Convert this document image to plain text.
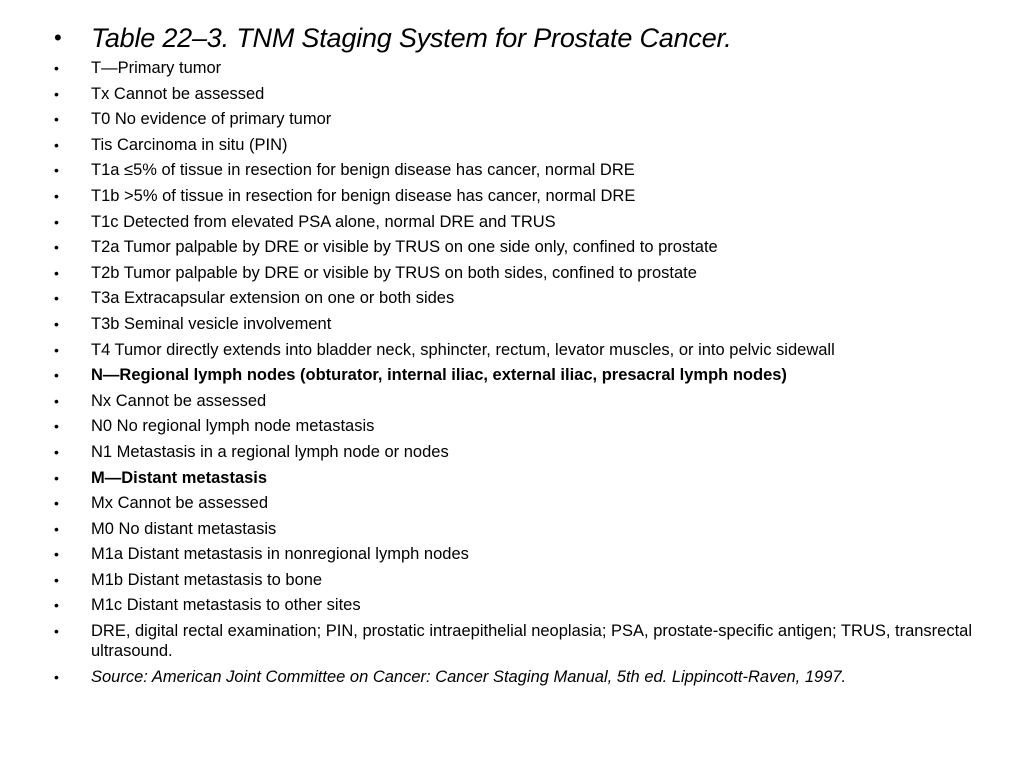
•	Table 22–3. TNM Staging System for Prostate Cancer.
•	T—Primary tumor
•	Tx Cannot be assessed
•	T0 No evidence of primary tumor
•	Tis Carcinoma in situ (PIN)
•	T1a ≤5% of tissue in resection for benign disease has cancer, normal DRE
•	T1b >5% of tissue in resection for benign disease has cancer, normal DRE
•	T1c Detected from elevated PSA alone, normal DRE and TRUS
•	T2a Tumor palpable by DRE or visible by TRUS on one side only, confined to prostate
•	T2b Tumor palpable by DRE or visible by TRUS on both sides, confined to prostate
•	T3a Extracapsular extension on one or both sides
•	T3b Seminal vesicle involvement
•	T4 Tumor directly extends into bladder neck, sphincter, rectum, levator muscles, or into pelvic sidewall
•	N—Regional lymph nodes (obturator, internal iliac, external iliac, presacral lymph nodes)
•	Nx Cannot be assessed
•	N0 No regional lymph node metastasis
•	N1 Metastasis in a regional lymph node or nodes
•	M—Distant metastasis
•	Mx Cannot be assessed
•	M0 No distant metastasis
•	M1a Distant metastasis in nonregional lymph nodes
•	M1b Distant metastasis to bone
•	M1c Distant metastasis to other sites
•	DRE, digital rectal examination; PIN, prostatic intraepithelial neoplasia; PSA, prostate-specific antigen; TRUS, transrectal ultrasound.
•	Source: American Joint Committee on Cancer: Cancer Staging Manual, 5th ed. Lippincott-Raven, 1997.
